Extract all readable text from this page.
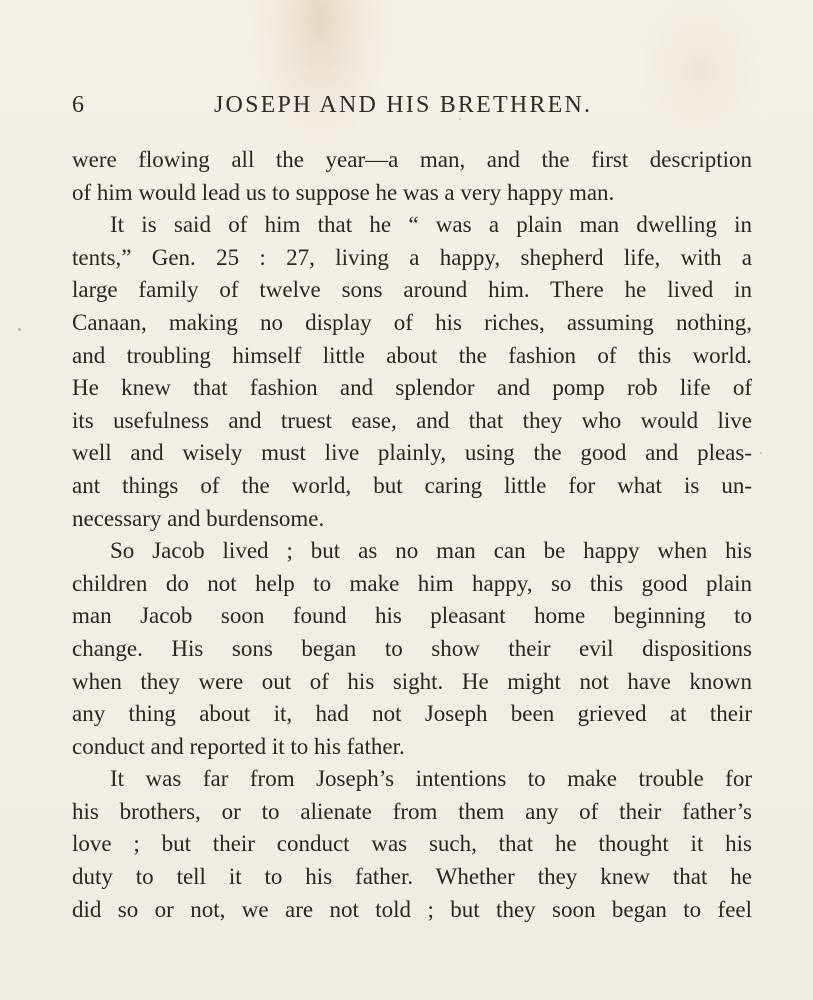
6	JOSEPH AND HIS BRETHREN.
were flowing all the year—a man, and the first description
of him would lead us to suppose he was a very happy man.
It is said of him that he “ was a plain man dwelling in
tents,” Gen. 25 : 27, living a happy, shepherd life, with a
large family of twelve sons around him. There he lived in
Canaan, making no display of his riches, assuming nothing,
and troubling himself little about the fashion of this world.
He knew that fashion and splendor and pomp rob life of
its usefulness and truest ease, and that they who would live
well and wisely must live plainly, using the good and pleas-
ant things of the world, but caring little for what is un-
necessary and burdensome.
So Jacob lived ; but as no man can be happy when his
children do not help to make him happy, so this good plain
man Jacob soon found his pleasant home beginning to
change. His sons began to show their evil dispositions
when they were out of his sight. He might not have known
any thing about it, had not Joseph been grieved at their
conduct and reported it to his father.
It was far from Joseph’s intentions to make trouble for
his brothers, or to alienate from them any of their father’s
love ; but their conduct was such, that he thought it his
duty to tell it to his father. Whether they knew that he
did so or not, we are not told ; but they soon began to feel
